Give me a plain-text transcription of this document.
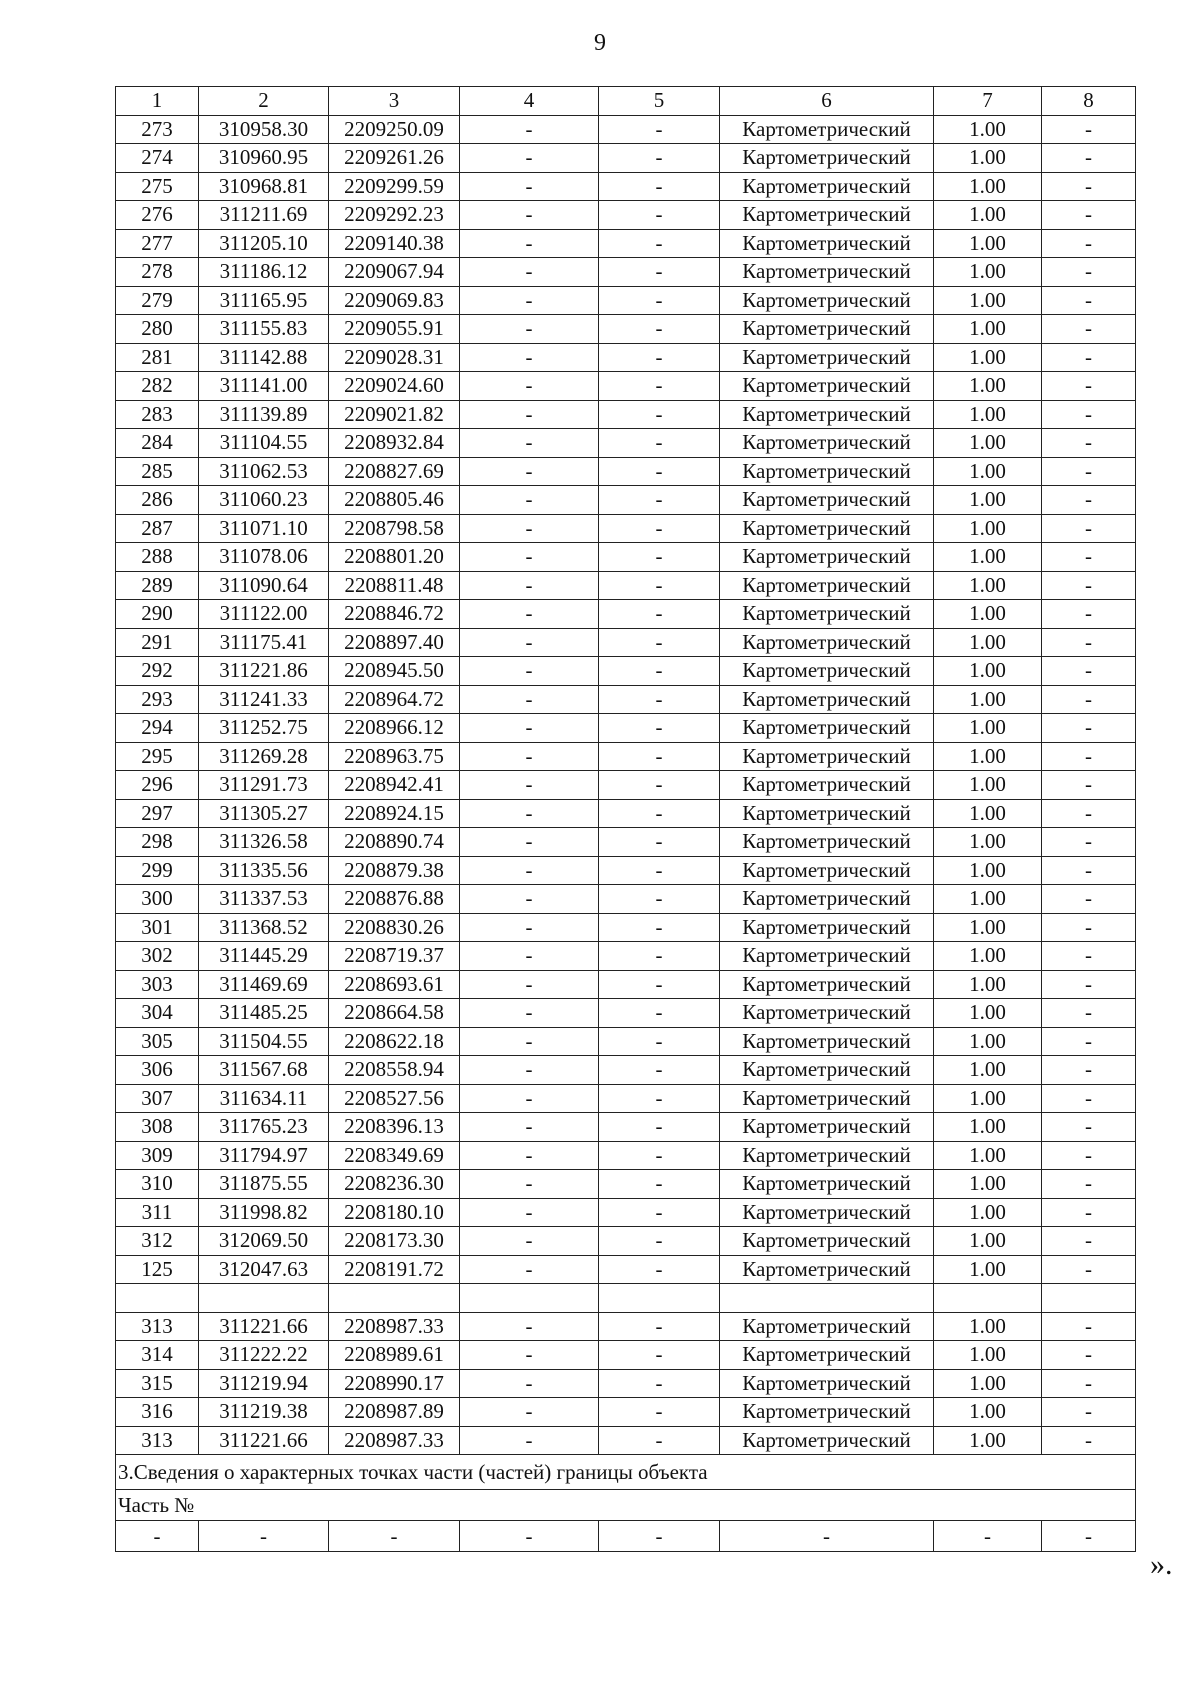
9
1	2	3	4	5	6	7	8
273	310958.30	2209250.09	-	-	Картометрический	1.00	-
274	310960.95	2209261.26	-	-	Картометрический	1.00	-
275	310968.81	2209299.59	-	-	Картометрический	1.00	-
276	311211.69	2209292.23	-	-	Картометрический	1.00	-
277	311205.10	2209140.38	-	-	Картометрический	1.00	-
278	311186.12	2209067.94	-	-	Картометрический	1.00	-
279	311165.95	2209069.83	-	-	Картометрический	1.00	-
280	311155.83	2209055.91	-	-	Картометрический	1.00	-
281	311142.88	2209028.31	-	-	Картометрический	1.00	-
282	311141.00	2209024.60	-	-	Картометрический	1.00	-
283	311139.89	2209021.82	-	-	Картометрический	1.00	-
284	311104.55	2208932.84	-	-	Картометрический	1.00	-
285	311062.53	2208827.69	-	-	Картометрический	1.00	-
286	311060.23	2208805.46	-	-	Картометрический	1.00	-
287	311071.10	2208798.58	-	-	Картометрический	1.00	-
288	311078.06	2208801.20	-	-	Картометрический	1.00	-
289	311090.64	2208811.48	-	-	Картометрический	1.00	-
290	311122.00	2208846.72	-	-	Картометрический	1.00	-
291	311175.41	2208897.40	-	-	Картометрический	1.00	-
292	311221.86	2208945.50	-	-	Картометрический	1.00	-
293	311241.33	2208964.72	-	-	Картометрический	1.00	-
294	311252.75	2208966.12	-	-	Картометрический	1.00	-
295	311269.28	2208963.75	-	-	Картометрический	1.00	-
296	311291.73	2208942.41	-	-	Картометрический	1.00	-
297	311305.27	2208924.15	-	-	Картометрический	1.00	-
298	311326.58	2208890.74	-	-	Картометрический	1.00	-
299	311335.56	2208879.38	-	-	Картометрический	1.00	-
300	311337.53	2208876.88	-	-	Картометрический	1.00	-
301	311368.52	2208830.26	-	-	Картометрический	1.00	-
302	311445.29	2208719.37	-	-	Картометрический	1.00	-
303	311469.69	2208693.61	-	-	Картометрический	1.00	-
304	311485.25	2208664.58	-	-	Картометрический	1.00	-
305	311504.55	2208622.18	-	-	Картометрический	1.00	-
306	311567.68	2208558.94	-	-	Картометрический	1.00	-
307	311634.11	2208527.56	-	-	Картометрический	1.00	-
308	311765.23	2208396.13	-	-	Картометрический	1.00	-
309	311794.97	2208349.69	-	-	Картометрический	1.00	-
310	311875.55	2208236.30	-	-	Картометрический	1.00	-
311	311998.82	2208180.10	-	-	Картометрический	1.00	-
312	312069.50	2208173.30	-	-	Картометрический	1.00	-
125	312047.63	2208191.72	-	-	Картометрический	1.00	-

313	311221.66	2208987.33	-	-	Картометрический	1.00	-
314	311222.22	2208989.61	-	-	Картометрический	1.00	-
315	311219.94	2208990.17	-	-	Картометрический	1.00	-
316	311219.38	2208987.89	-	-	Картометрический	1.00	-
313	311221.66	2208987.33	-	-	Картометрический	1.00	-
3.Сведения о характерных точках части (частей) границы объекта							
Часть №							
-	-	-	-	-	-	-	-
».
